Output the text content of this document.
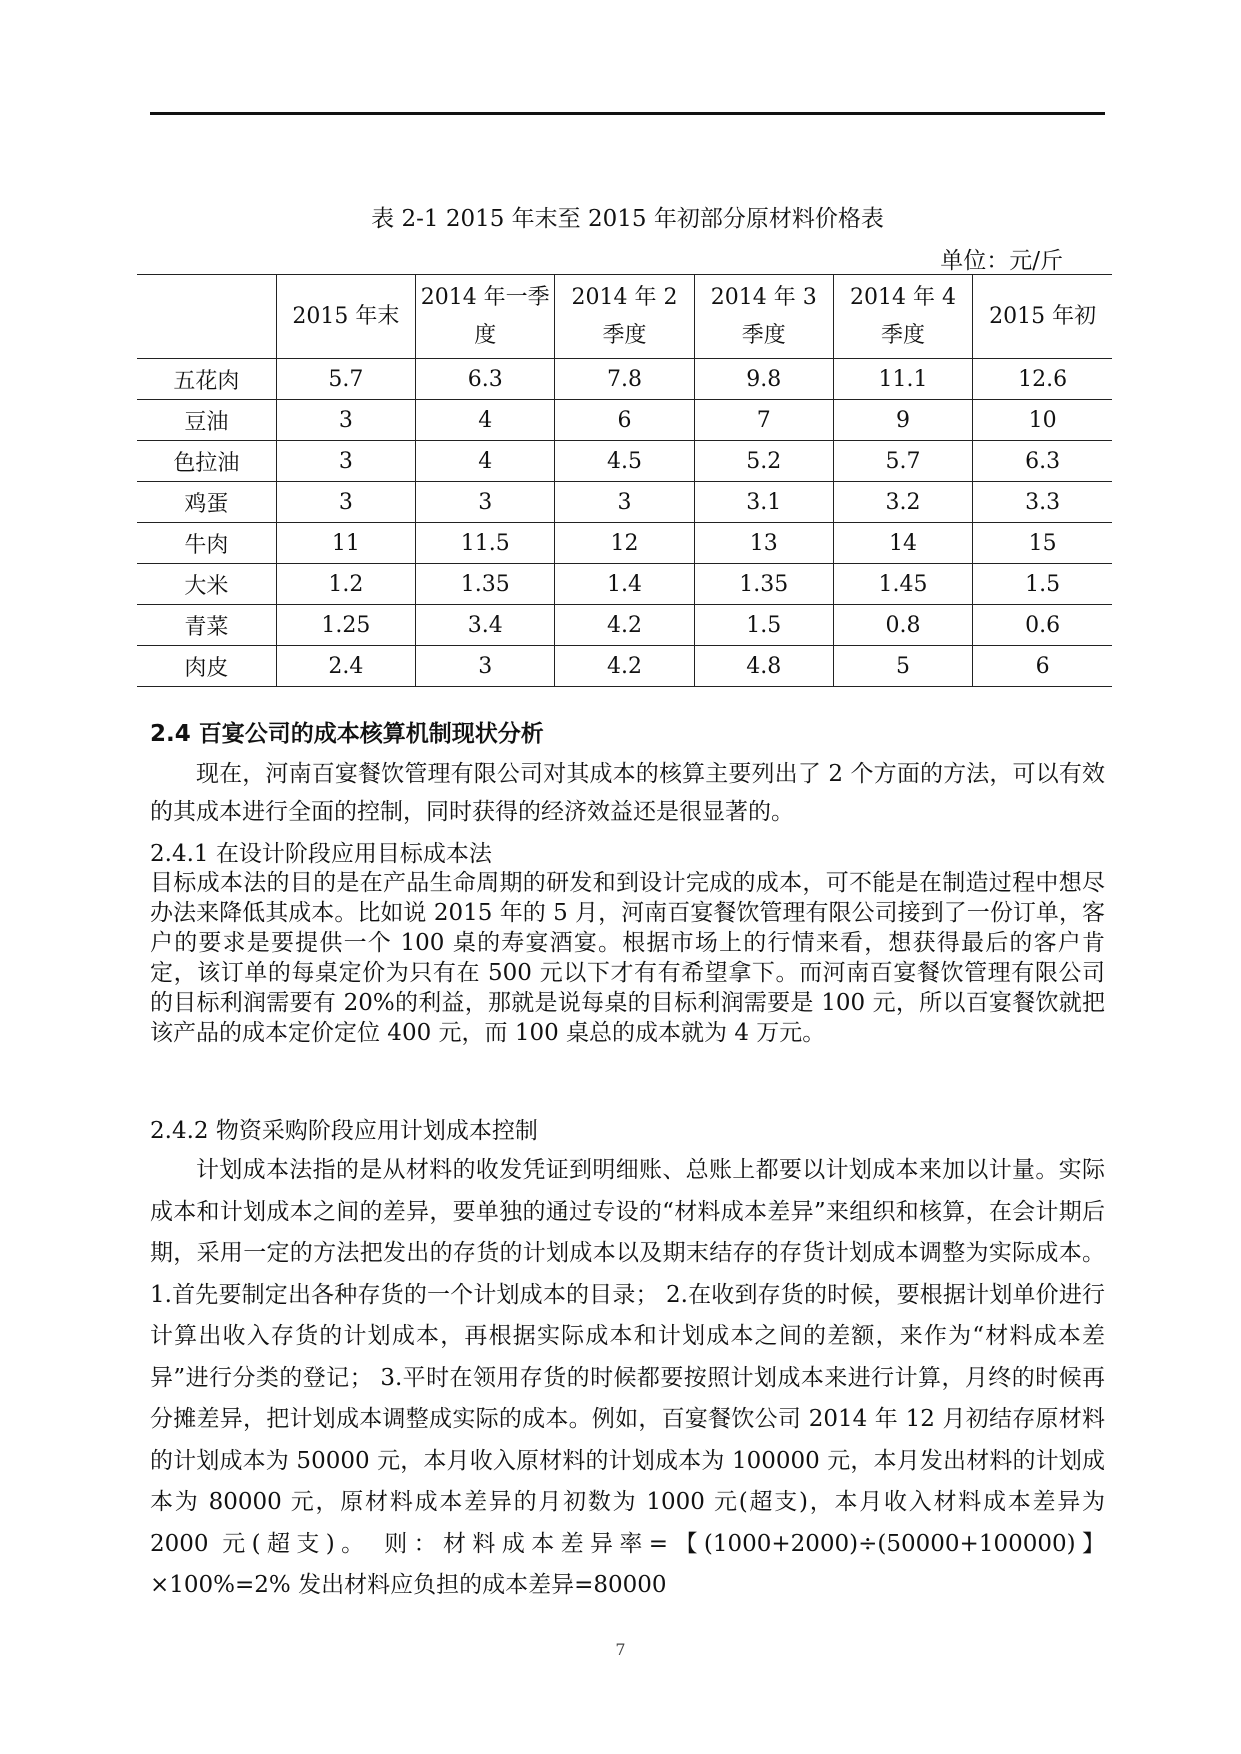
表 2-1 2015 年末至 2015 年初部分原材料价格表
单位：元/斤
	2015 年末	2014 年一季度	2014 年 2 季度	2014 年 3 季度	2014 年 4 季度	2015 年初
五花肉	5.7	6.3	7.8	9.8	11.1	12.6
豆油	3	4	6	7	9	10
色拉油	3	4	4.5	5.2	5.7	6.3
鸡蛋	3	3	3	3.1	3.2	3.3
牛肉	11	11.5	12	13	14	15
大米	1.2	1.35	1.4	1.35	1.45	1.5
青菜	1.25	3.4	4.2	1.5	0.8	0.6
肉皮	2.4	3	4.2	4.8	5	6
2.4 百宴公司的成本核算机制现状分析

现在，河南百宴餐饮管理有限公司对其成本的核算主要列出了 2 个方面的方法，可以有效的其成本进行全面的控制，同时获得的经济效益还是很显著的。

2.4.1 在设计阶段应用目标成本法

目标成本法的目的是在产品生命周期的研发和到设计完成的成本，可不能是在制造过程中想尽办法来降低其成本。比如说 2015 年的 5 月，河南百宴餐饮管理有限公司接到了一份订单，客户的要求是要提供一个 100 桌的寿宴酒宴。根据市场上的行情来看，想获得最后的客户肯定，该订单的每桌定价为只有在 500 元以下才有有希望拿下。而河南百宴餐饮管理有限公司的目标利润需要有 20%的利益，那就是说每桌的目标利润需要是 100 元，所以百宴餐饮就把该产品的成本定价定位 400 元，而 100 桌总的成本就为 4 万元。

2.4.2 物资采购阶段应用计划成本控制

计划成本法指的是从材料的收发凭证到明细账、总账上都要以计划成本来加以计量。实际成本和计划成本之间的差异，要单独的通过专设的“材料成本差异”来组织和核算，在会计期后期，采用一定的方法把发出的存货的计划成本以及期末结存的存货计划成本调整为实际成本。 1.首先要制定出各种存货的一个计划成本的目录； 2.在收到存货的时候，要根据计划单价进行计算出收入存货的计划成本，再根据实际成本和计划成本之间的差额，来作为“材料成本差异”进行分类的登记； 3.平时在领用存货的时候都要按照计划成本来进行计算，月终的时候再分摊差异，把计划成本调整成实际的成本。例如，百宴餐饮公司 2014 年 12 月初结存原材料的计划成本为 50000 元，本月收入原材料的计划成本为 100000 元，本月发出材料的计划成本为 80000 元，原材料成本差异的月初数为 1000 元(超支)，本月收入材料成本差异为 2000 元(超支)。 则：材料成本差异率=【(1000+2000)÷(50000+100000)】×100%=2% 发出材料应负担的成本差异=80000

7
